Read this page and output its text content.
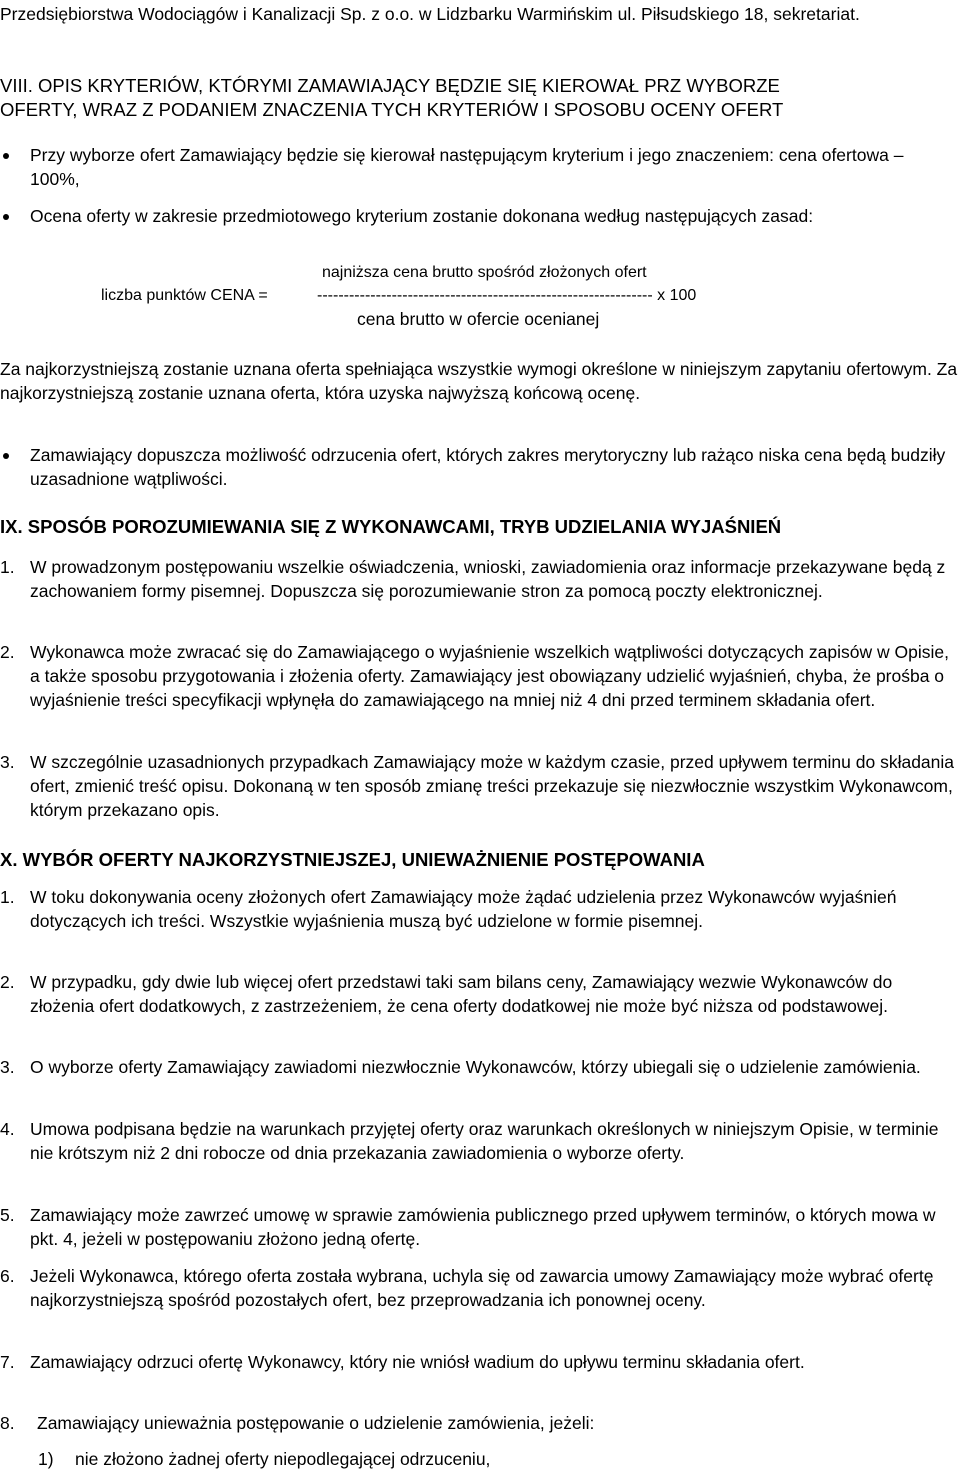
Przedsiębiorstwa Wodociągów i Kanalizacji Sp. z o.o. w Lidzbarku Warmińskim ul. Piłsudskiego 18, sekretariat.

VIII. OPIS KRYTERIÓW, KTÓRYMI ZAMAWIAJĄCY BĘDZIE SIĘ KIEROWAŁ PRZ WYBORZE
OFERTY, WRAZ Z PODANIEM ZNACZENIA TYCH KRYTERIÓW I SPOSOBU OCENY OFERT
Przy wyborze ofert Zamawiający będzie się kierował następującym kryterium i jego znaczeniem: cena ofertowa – 100%,
Ocena oferty w zakresie przedmiotowego kryterium zostanie dokonana według następujących zasad:
najniższa cena brutto spośród złożonych ofert
liczba punktów CENA =	--------------------------------------------------------------- x 100
cena brutto w ofercie ocenianej

Za najkorzystniejszą zostanie uznana oferta spełniająca wszystkie wymogi określone w niniejszym zapytaniu ofertowym. Za najkorzystniejszą zostanie uznana oferta, która uzyska najwyższą końcową ocenę.

Zamawiający dopuszcza możliwość odrzucenia ofert, których zakres merytoryczny lub rażąco niska cena będą budziły uzasadnione wątpliwości.
IX. SPOSÓB POROZUMIEWANIA SIĘ Z WYKONAWCAMI, TRYB UDZIELANIA WYJAŚNIEŃ
1. W prowadzonym postępowaniu wszelkie oświadczenia, wnioski, zawiadomienia oraz informacje przekazywane będą z zachowaniem formy pisemnej. Dopuszcza się porozumiewanie stron za pomocą poczty elektronicznej.
2. Wykonawca może zwracać się do Zamawiającego o wyjaśnienie wszelkich wątpliwości dotyczących zapisów w Opisie, a także sposobu przygotowania i złożenia oferty. Zamawiający jest obowiązany udzielić wyjaśnień, chyba, że prośba o wyjaśnienie treści specyfikacji wpłynęła do zamawiającego na mniej niż 4 dni przed terminem składania ofert.
3. W szczególnie uzasadnionych przypadkach Zamawiający może w każdym czasie, przed upływem terminu do składania ofert, zmienić treść opisu. Dokonaną w ten sposób zmianę treści przekazuje się niezwłocznie wszystkim Wykonawcom, którym przekazano opis.
X. WYBÓR OFERTY NAJKORZYSTNIEJSZEJ, UNIEWAŻNIENIE POSTĘPOWANIA
1. W toku dokonywania oceny złożonych ofert Zamawiający może żądać udzielenia przez Wykonawców wyjaśnień dotyczących ich treści. Wszystkie wyjaśnienia muszą być udzielone w formie pisemnej.
2. W przypadku, gdy dwie lub więcej ofert przedstawi taki sam bilans ceny, Zamawiający wezwie Wykonawców do złożenia ofert dodatkowych, z zastrzeżeniem, że cena oferty dodatkowej nie może być niższa od podstawowej.
3. O wyborze oferty Zamawiający zawiadomi niezwłocznie Wykonawców, którzy ubiegali się o udzielenie zamówienia.
4. Umowa podpisana będzie na warunkach przyjętej oferty oraz warunkach określonych w niniejszym Opisie, w terminie nie krótszym niż 2 dni robocze od dnia przekazania zawiadomienia o wyborze oferty.
5. Zamawiający może zawrzeć umowę w sprawie zamówienia publicznego przed upływem terminów, o których mowa w pkt. 4, jeżeli w postępowaniu złożono jedną ofertę.
6. Jeżeli Wykonawca, którego oferta została wybrana, uchyla się od zawarcia umowy Zamawiający może wybrać ofertę najkorzystniejszą spośród pozostałych ofert, bez przeprowadzania ich ponownej oceny.
7. Zamawiający odrzuci ofertę Wykonawcy, który nie wniósł wadium do upływu terminu składania ofert.
8. Zamawiający unieważnia postępowanie o udzielenie zamówienia, jeżeli:
1) nie złożono żadnej oferty niepodlegającej odrzuceniu,
